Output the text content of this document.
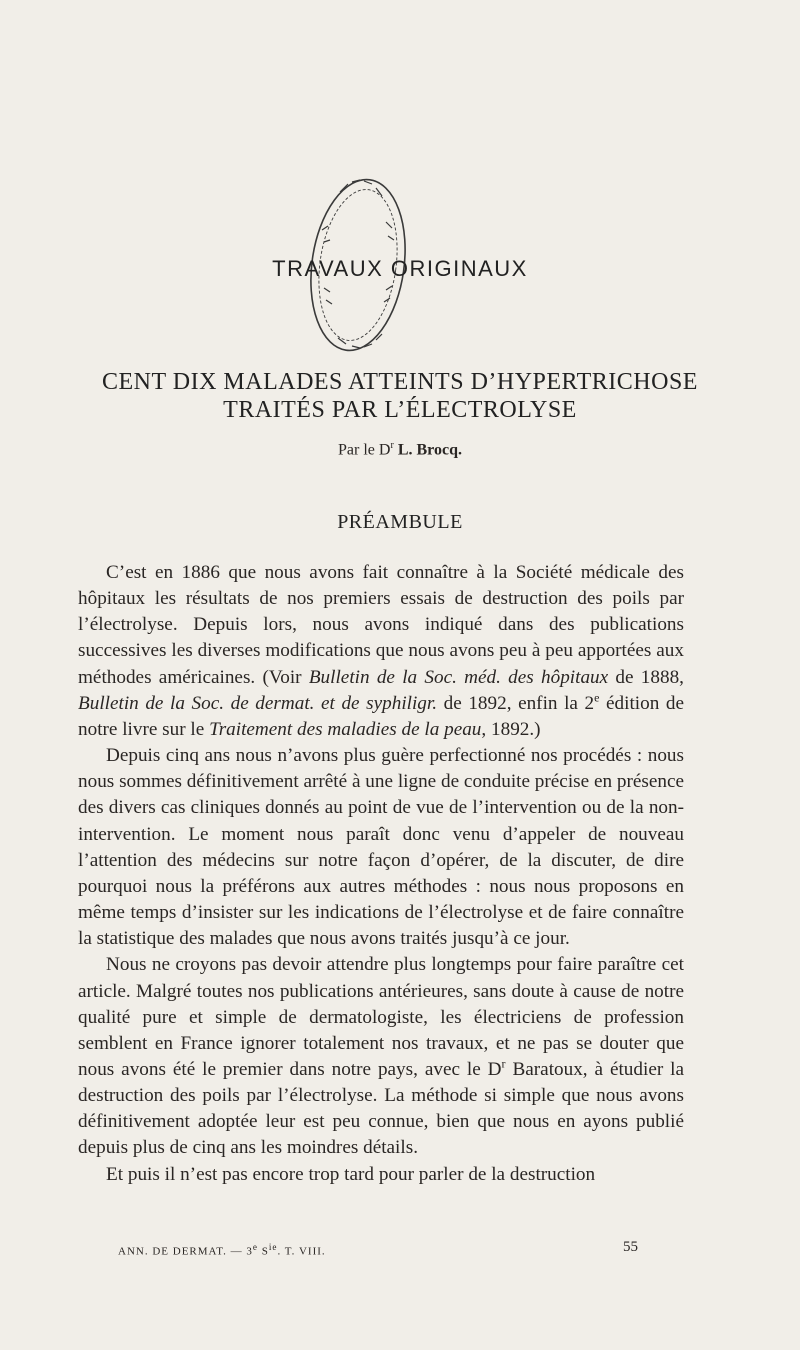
TRAVAUX ORIGINAUX
CENT DIX MALADES ATTEINTS D’HYPERTRICHOSE
TRAITÉS PAR L’ÉLECTROLYSE
Par le $D^r$ L. Brocq.
PRÉAMBULE

C’est en 1886 que nous avons fait connaître à la Société médicale des hôpitaux les résultats de nos premiers essais de destruction des poils par l’électrolyse. Depuis lors, nous avons indiqué dans des publications successives les diverses modifications que nous avons peu à peu apportées aux méthodes américaines. (Voir Bulletin de la Soc. méd. des hôpitaux de 1888, Bulletin de la Soc. de dermat. et de syphiligr. de 1892, enfin la 2e édition de notre livre sur le Traitement des maladies de la peau, 1892.)

Depuis cinq ans nous n’avons plus guère perfectionné nos procédés : nous nous sommes définitivement arrêté à une ligne de conduite précise en présence des divers cas cliniques donnés au point de vue de l’intervention ou de la non-intervention. Le moment nous paraît donc venu d’appeler de nouveau l’attention des médecins sur notre façon d’opérer, de la discuter, de dire pourquoi nous la préférons aux autres méthodes : nous nous proposons en même temps d’insister sur les indications de l’électrolyse et de faire connaître la statistique des malades que nous avons traités jusqu’à ce jour.

Nous ne croyons pas devoir attendre plus longtemps pour faire paraître cet article. Malgré toutes nos publications antérieures, sans doute à cause de notre qualité pure et simple de dermatologiste, les électriciens de profession semblent en France ignorer totalement nos travaux, et ne pas se douter que nous avons été le premier dans notre pays, avec le $D^r$ Baratoux, à étudier la destruction des poils par l’électrolyse. La méthode si simple que nous avons définitivement adoptée leur est peu connue, bien que nous en ayons publié depuis plus de cinq ans les moindres détails.

Et puis il n’est pas encore trop tard pour parler de la destruction

ANN. DE DERMAT. — 3e $S^{ie}$. T. VIII.	55
